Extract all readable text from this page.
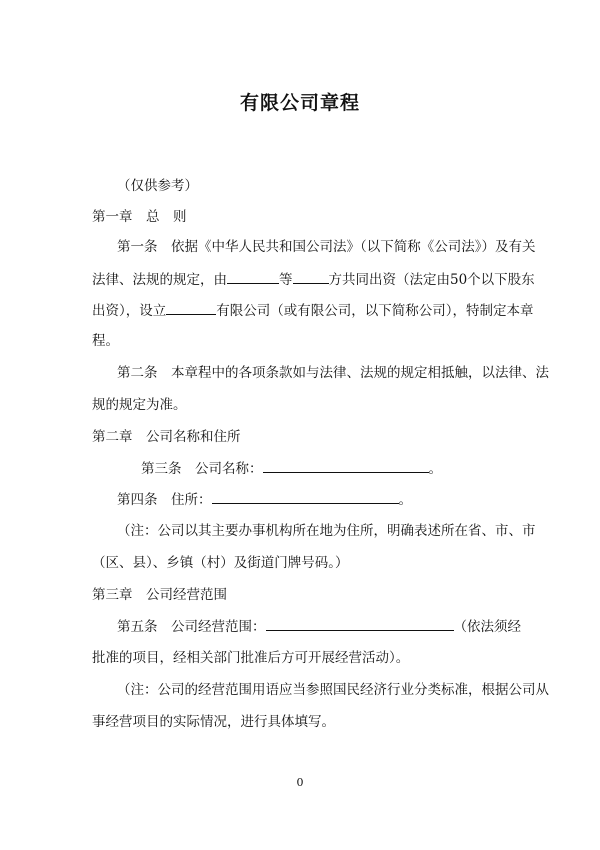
有限公司章程
（仅供参考）
第一章　总　则
第一条　依据《中华人民共和国公司法》（以下简称《公司法》）及有关
法律、法规的规定，由	等	方共同出资（法定由50个以下股东
出资），设立	有限公司（或有限公司，以下简称公司），特制定本章
程。
第二条　本章程中的各项条款如与法律、法规的规定相抵触，以法律、法
规的规定为准。
第二章　公司名称和住所
第三条　公司名称：	。
第四条　住所：	。
（注：公司以其主要办事机构所在地为住所，明确表述所在省、市、市
（区、县）、乡镇（村）及街道门牌号码。）
第三章　公司经营范围
第五条　公司经营范围：	（依法须经
批准的项目，经相关部门批准后方可开展经营活动）。
（注：公司的经营范围用语应当参照国民经济行业分类标准，根据公司从
事经营项目的实际情况，进行具体填写。
0
